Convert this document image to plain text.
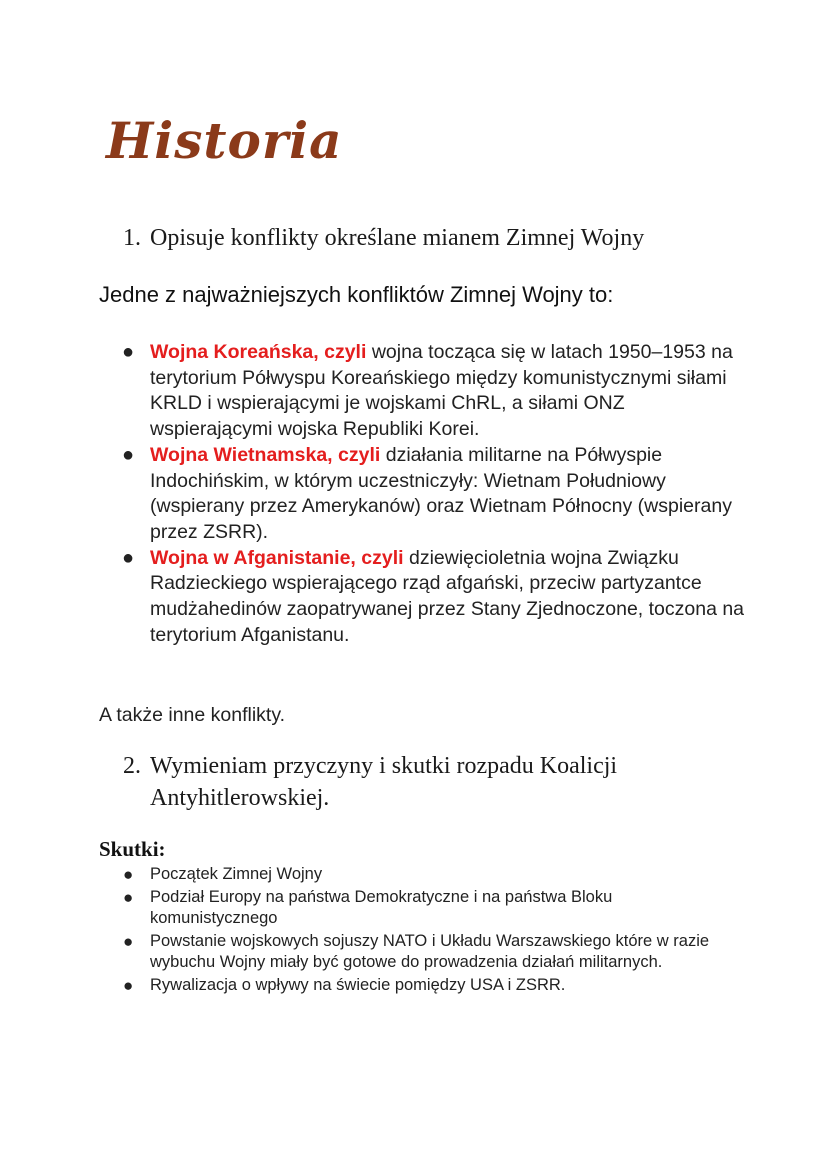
Historia

1. Opisuje konflikty określane mianem Zimnej Wojny

Jedne z najważniejszych konfliktów Zimnej Wojny to:

● Wojna Koreańska, czyli wojna tocząca się w latach 1950–1953 na terytorium Półwyspu Koreańskiego między komunistycznymi siłami KRLD i wspierającymi je wojskami ChRL, a siłami ONZ wspierającymi wojska Republiki Korei.
● Wojna Wietnamska, czyli działania militarne na Półwyspie Indochińskim, w którym uczestniczyły: Wietnam Południowy (wspierany przez Amerykanów) oraz Wietnam Północny (wspierany przez ZSRR).
● Wojna w Afganistanie, czyli dziewięcioletnia wojna Związku Radzieckiego wspierającego rząd afgański, przeciw partyzantce mudżahedinów zaopatrywanej przez Stany Zjednoczone, toczona na terytorium Afganistanu.

A także inne konflikty.

2. Wymieniam przyczyny i skutki rozpadu Koalicji
Antyhitlerowskiej.

Skutki:

● Początek Zimnej Wojny
● Podział Europy na państwa Demokratyczne i na państwa Bloku komunistycznego
● Powstanie wojskowych sojuszy NATO i Układu Warszawskiego które w razie wybuchu Wojny miały być gotowe do prowadzenia działań militarnych.
● Rywalizacja o wpływy na świecie pomiędzy USA i ZSRR.
